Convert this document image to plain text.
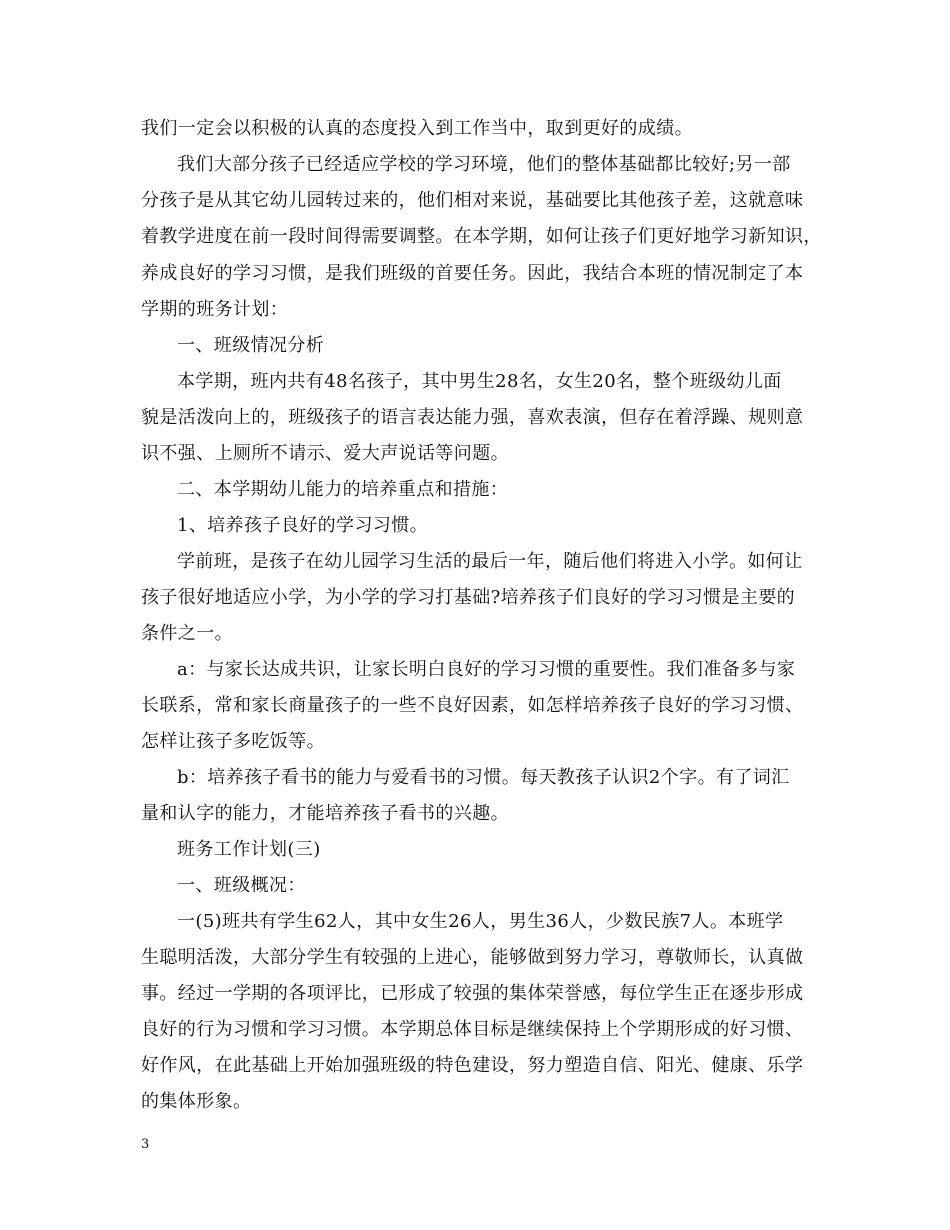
我们一定会以积极的认真的态度投入到工作当中，取到更好的成绩。
我们大部分孩子已经适应学校的学习环境，他们的整体基础都比较好;另一部
分孩子是从其它幼儿园转过来的，他们相对来说，基础要比其他孩子差，这就意味
着教学进度在前一段时间得需要调整。在本学期，如何让孩子们更好地学习新知识，
养成良好的学习习惯，是我们班级的首要任务。因此，我结合本班的情况制定了本
学期的班务计划：
一、班级情况分析
本学期，班内共有48名孩子，其中男生28名，女生20名，整个班级幼儿面
貌是活泼向上的，班级孩子的语言表达能力强，喜欢表演，但存在着浮躁、规则意
识不强、上厕所不请示、爱大声说话等问题。
二、本学期幼儿能力的培养重点和措施：
1、培养孩子良好的学习习惯。
学前班，是孩子在幼儿园学习生活的最后一年，随后他们将进入小学。如何让
孩子很好地适应小学，为小学的学习打基础?培养孩子们良好的学习习惯是主要的
条件之一。
a：与家长达成共识，让家长明白良好的学习习惯的重要性。我们准备多与家
长联系，常和家长商量孩子的一些不良好因素，如怎样培养孩子良好的学习习惯、
怎样让孩子多吃饭等。
b：培养孩子看书的能力与爱看书的习惯。每天教孩子认识2个字。有了词汇
量和认字的能力，才能培养孩子看书的兴趣。
班务工作计划(三)
一、班级概况：
一(5)班共有学生62人，其中女生26人，男生36人，少数民族7人。本班学
生聪明活泼，大部分学生有较强的上进心，能够做到努力学习，尊敬师长，认真做
事。经过一学期的各项评比，已形成了较强的集体荣誉感，每位学生正在逐步形成
良好的行为习惯和学习习惯。本学期总体目标是继续保持上个学期形成的好习惯、
好作风，在此基础上开始加强班级的特色建设，努力塑造自信、阳光、健康、乐学
的集体形象。
3
